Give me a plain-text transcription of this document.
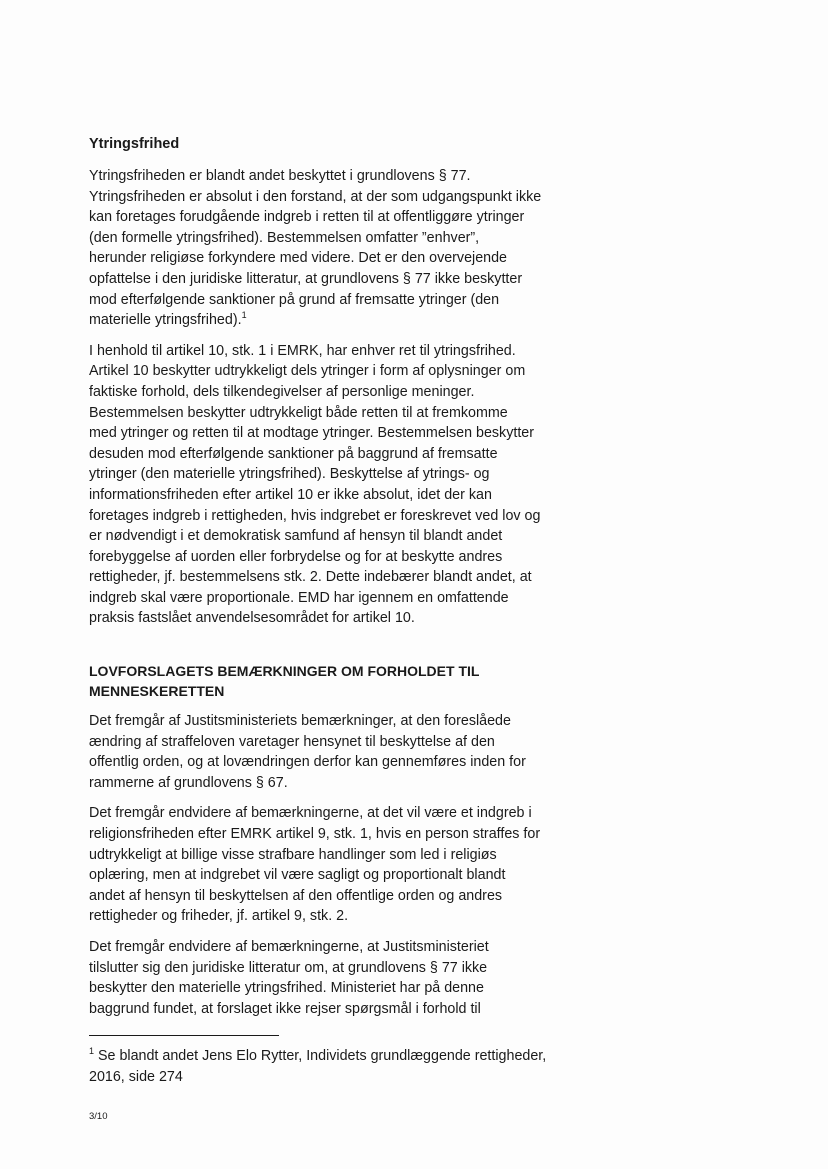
Ytringsfrihed

Ytringsfriheden er blandt andet beskyttet i grundlovens § 77.
Ytringsfriheden er absolut i den forstand, at der som udgangspunkt ikke
kan foretages forudgående indgreb i retten til at offentliggøre ytringer
(den formelle ytringsfrihed). Bestemmelsen omfatter ”enhver”,
herunder religiøse forkyndere med videre. Det er den overvejende
opfattelse i den juridiske litteratur, at grundlovens § 77 ikke beskytter
mod efterfølgende sanktioner på grund af fremsatte ytringer (den
materielle ytringsfrihed).$^1$

I henhold til artikel 10, stk. 1 i EMRK, har enhver ret til ytringsfrihed.
Artikel 10 beskytter udtrykkeligt dels ytringer i form af oplysninger om
faktiske forhold, dels tilkendegivelser af personlige meninger.
Bestemmelsen beskytter udtrykkeligt både retten til at fremkomme
med ytringer og retten til at modtage ytringer. Bestemmelsen beskytter
desuden mod efterfølgende sanktioner på baggrund af fremsatte
ytringer (den materielle ytringsfrihed). Beskyttelse af ytrings- og
informationsfriheden efter artikel 10 er ikke absolut, idet der kan
foretages indgreb i rettigheden, hvis indgrebet er foreskrevet ved lov og
er nødvendigt i et demokratisk samfund af hensyn til blandt andet
forebyggelse af uorden eller forbrydelse og for at beskytte andres
rettigheder, jf. bestemmelsens stk. 2. Dette indebærer blandt andet, at
indgreb skal være proportionale. EMD har igennem en omfattende
praksis fastslået anvendelsesområdet for artikel 10.

LOVFORSLAGETS BEMÆRKNINGER OM FORHOLDET TIL
MENNESKERETTEN

Det fremgår af Justitsministeriets bemærkninger, at den foreslåede
ændring af straffeloven varetager hensynet til beskyttelse af den
offentlig orden, og at lovændringen derfor kan gennemføres inden for
rammerne af grundlovens § 67.

Det fremgår endvidere af bemærkningerne, at det vil være et indgreb i
religionsfriheden efter EMRK artikel 9, stk. 1, hvis en person straffes for
udtrykkeligt at billige visse strafbare handlinger som led i religiøs
oplæring, men at indgrebet vil være sagligt og proportionalt blandt
andet af hensyn til beskyttelsen af den offentlige orden og andres
rettigheder og friheder, jf. artikel 9, stk. 2.

Det fremgår endvidere af bemærkningerne, at Justitsministeriet
tilslutter sig den juridiske litteratur om, at grundlovens § 77 ikke
beskytter den materielle ytringsfrihed. Ministeriet har på denne
baggrund fundet, at forslaget ikke rejser spørgsmål i forhold til

$^1$ Se blandt andet Jens Elo Rytter, Individets grundlæggende rettigheder,
2016, side 274
3/10
